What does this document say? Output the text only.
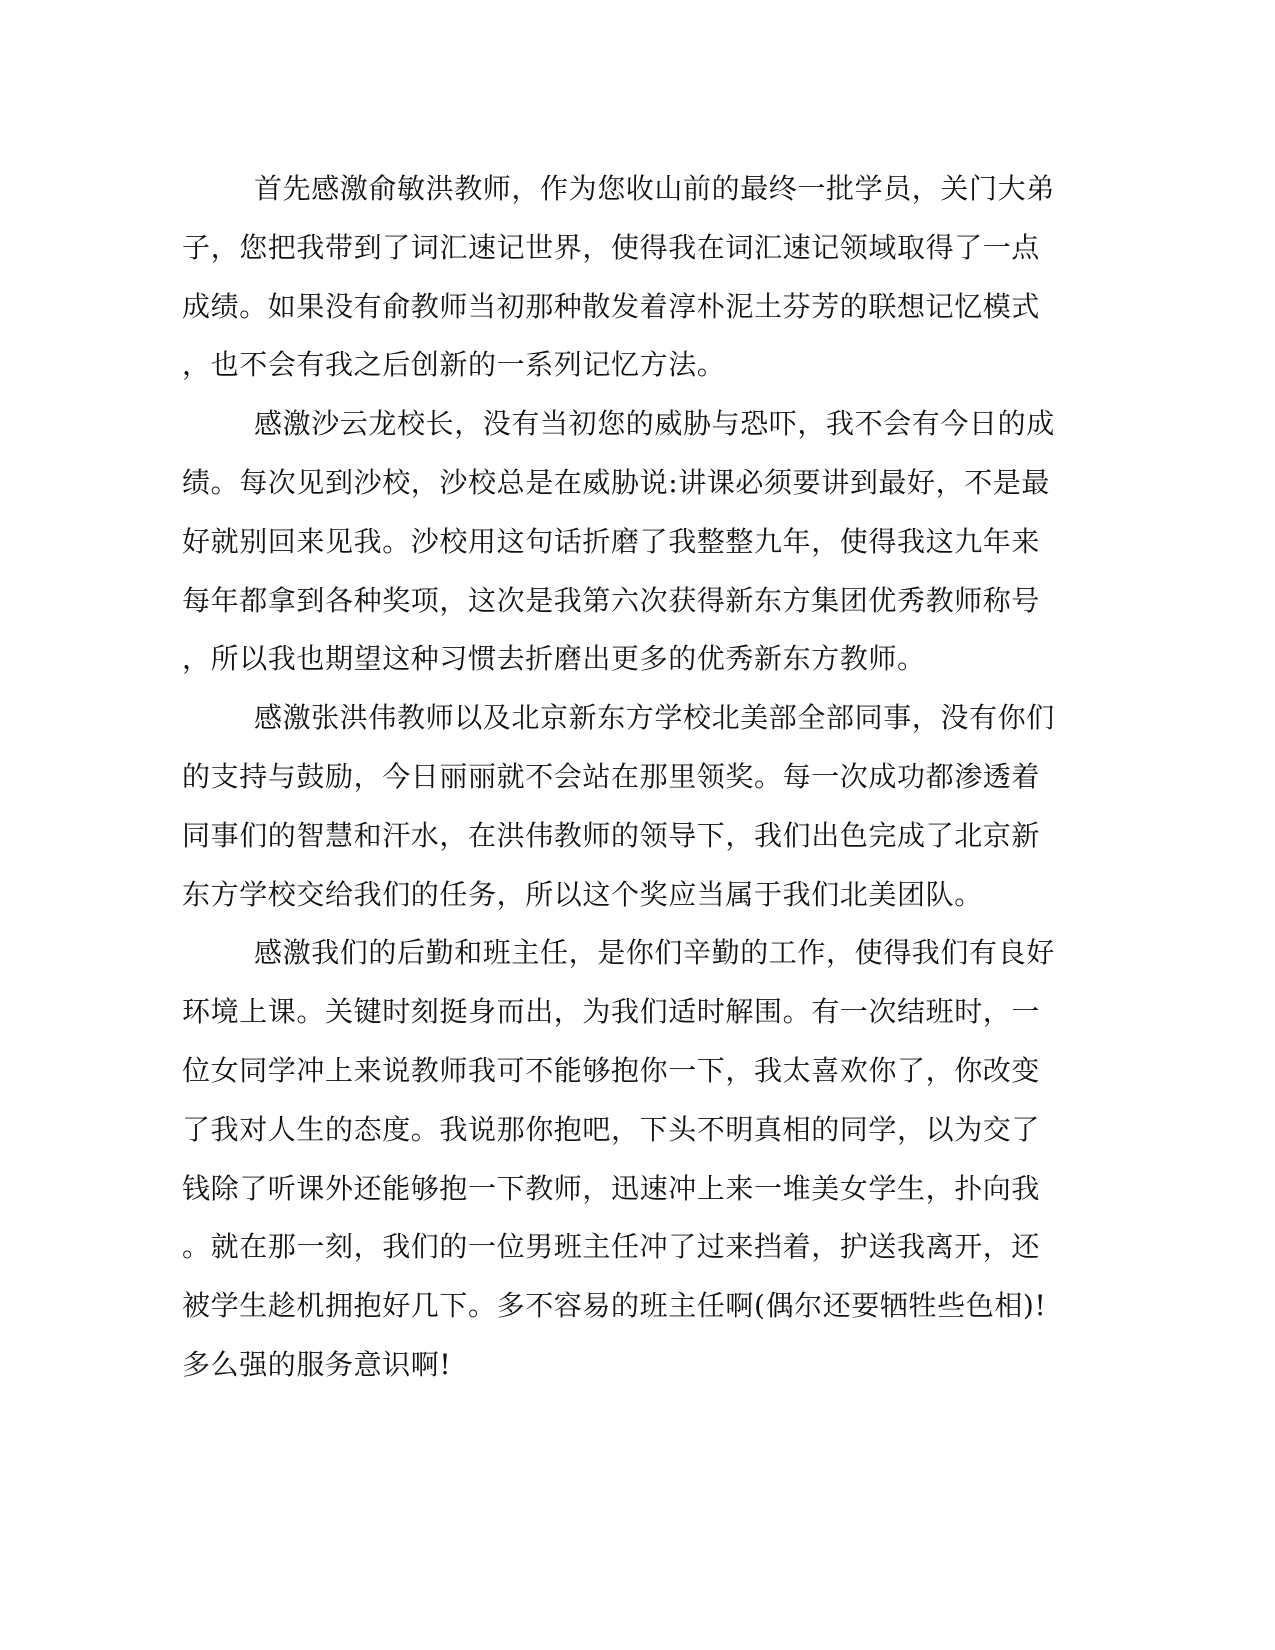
首先感激俞敏洪教师，作为您收山前的最终一批学员，关门大弟
子，您把我带到了词汇速记世界，使得我在词汇速记领域取得了一点
成绩。如果没有俞教师当初那种散发着淳朴泥土芬芳的联想记忆模式
，也不会有我之后创新的一系列记忆方法。
感激沙云龙校长，没有当初您的威胁与恐吓，我不会有今日的成
绩。每次见到沙校，沙校总是在威胁说:讲课必须要讲到最好，不是最
好就别回来见我。沙校用这句话折磨了我整整九年，使得我这九年来
每年都拿到各种奖项，这次是我第六次获得新东方集团优秀教师称号
，所以我也期望这种习惯去折磨出更多的优秀新东方教师。
感激张洪伟教师以及北京新东方学校北美部全部同事，没有你们
的支持与鼓励，今日丽丽就不会站在那里领奖。每一次成功都渗透着
同事们的智慧和汗水，在洪伟教师的领导下，我们出色完成了北京新
东方学校交给我们的任务，所以这个奖应当属于我们北美团队。
感激我们的后勤和班主任，是你们辛勤的工作，使得我们有良好
环境上课。关键时刻挺身而出，为我们适时解围。有一次结班时，一
位女同学冲上来说教师我可不能够抱你一下，我太喜欢你了，你改变
了我对人生的态度。我说那你抱吧，下头不明真相的同学，以为交了
钱除了听课外还能够抱一下教师，迅速冲上来一堆美女学生，扑向我
。就在那一刻，我们的一位男班主任冲了过来挡着，护送我离开，还
被学生趁机拥抱好几下。多不容易的班主任啊(偶尔还要牺牲些色相)!
多么强的服务意识啊!
